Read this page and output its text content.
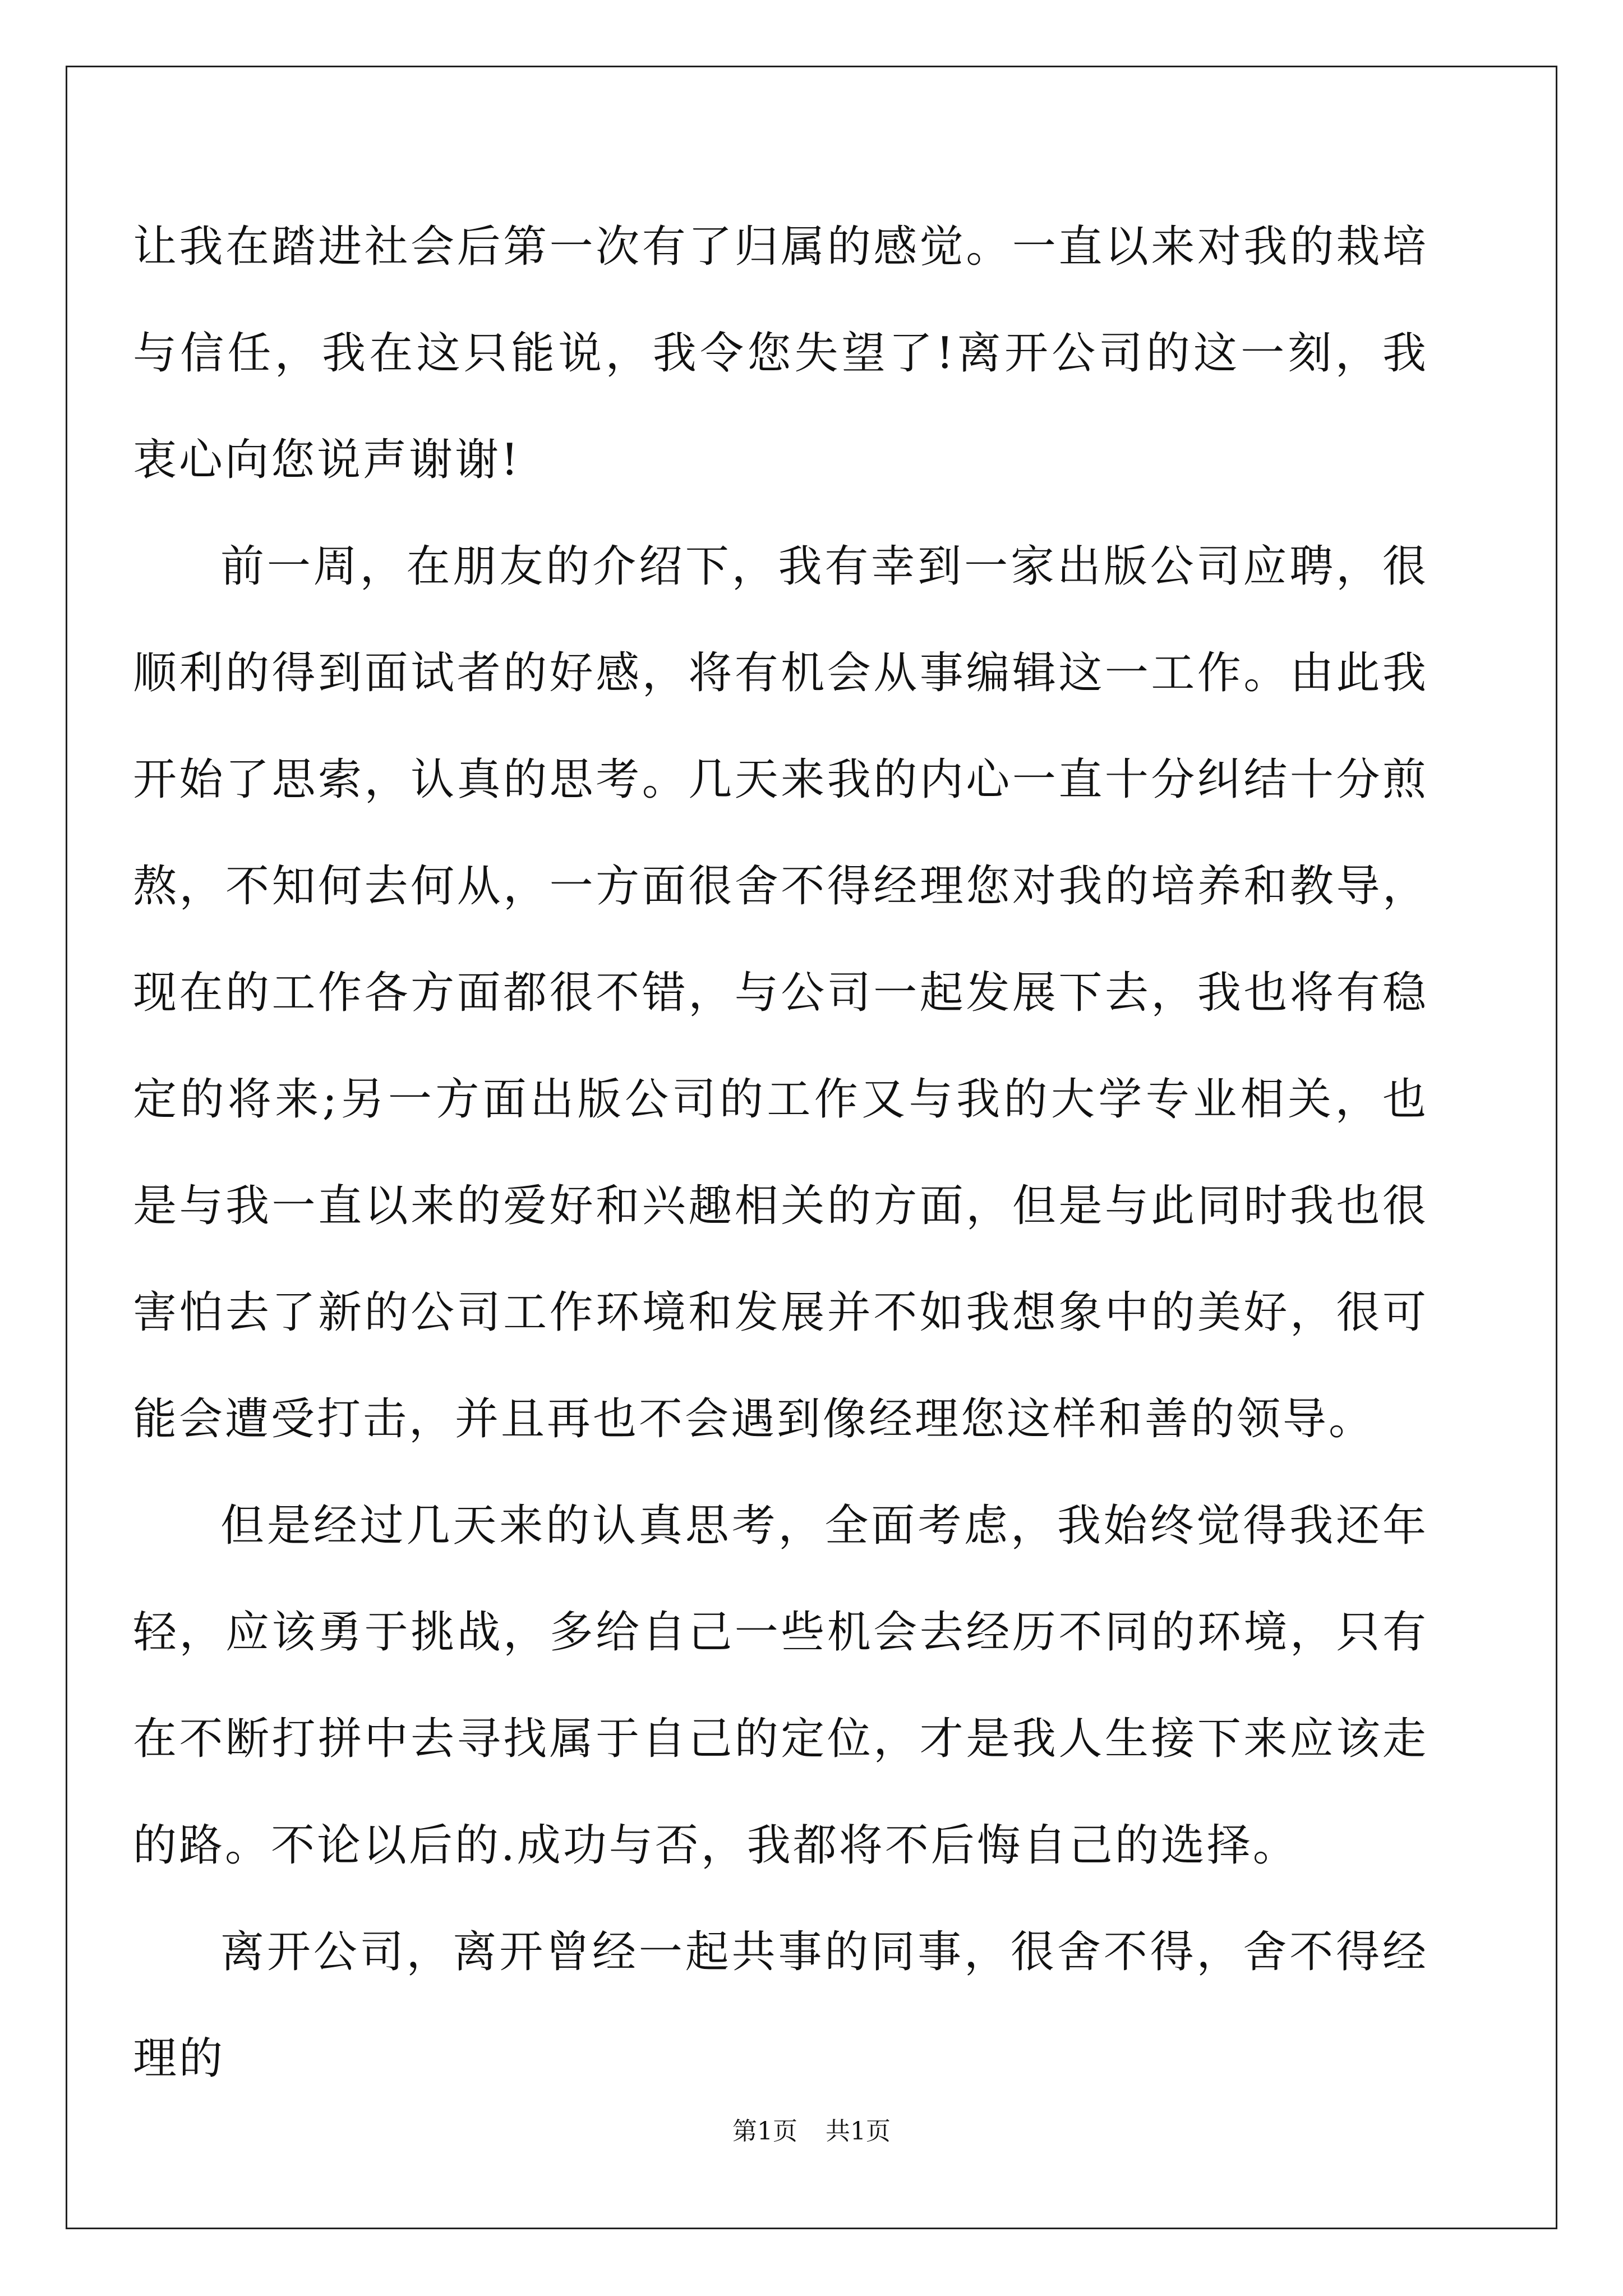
让我在踏进社会后第一次有了归属的感觉。一直以来对我的栽培与信任，我在这只能说，我令您失望了!离开公司的这一刻，我衷心向您说声谢谢!

前一周，在朋友的介绍下，我有幸到一家出版公司应聘，很顺利的得到面试者的好感，将有机会从事编辑这一工作。由此我开始了思索，认真的思考。几天来我的内心一直十分纠结十分煎熬，不知何去何从，一方面很舍不得经理您对我的培养和教导，现在的工作各方面都很不错，与公司一起发展下去，我也将有稳定的将来;另一方面出版公司的工作又与我的大学专业相关，也是与我一直以来的爱好和兴趣相关的方面，但是与此同时我也很害怕去了新的公司工作环境和发展并不如我想象中的美好，很可能会遭受打击，并且再也不会遇到像经理您这样和善的领导。

但是经过几天来的认真思考，全面考虑，我始终觉得我还年轻，应该勇于挑战，多给自己一些机会去经历不同的环境，只有在不断打拼中去寻找属于自己的定位，才是我人生接下来应该走的路。不论以后的.成功与否，我都将不后悔自己的选择。

离开公司，离开曾经一起共事的同事，很舍不得，舍不得经理的

第1页 共1页
